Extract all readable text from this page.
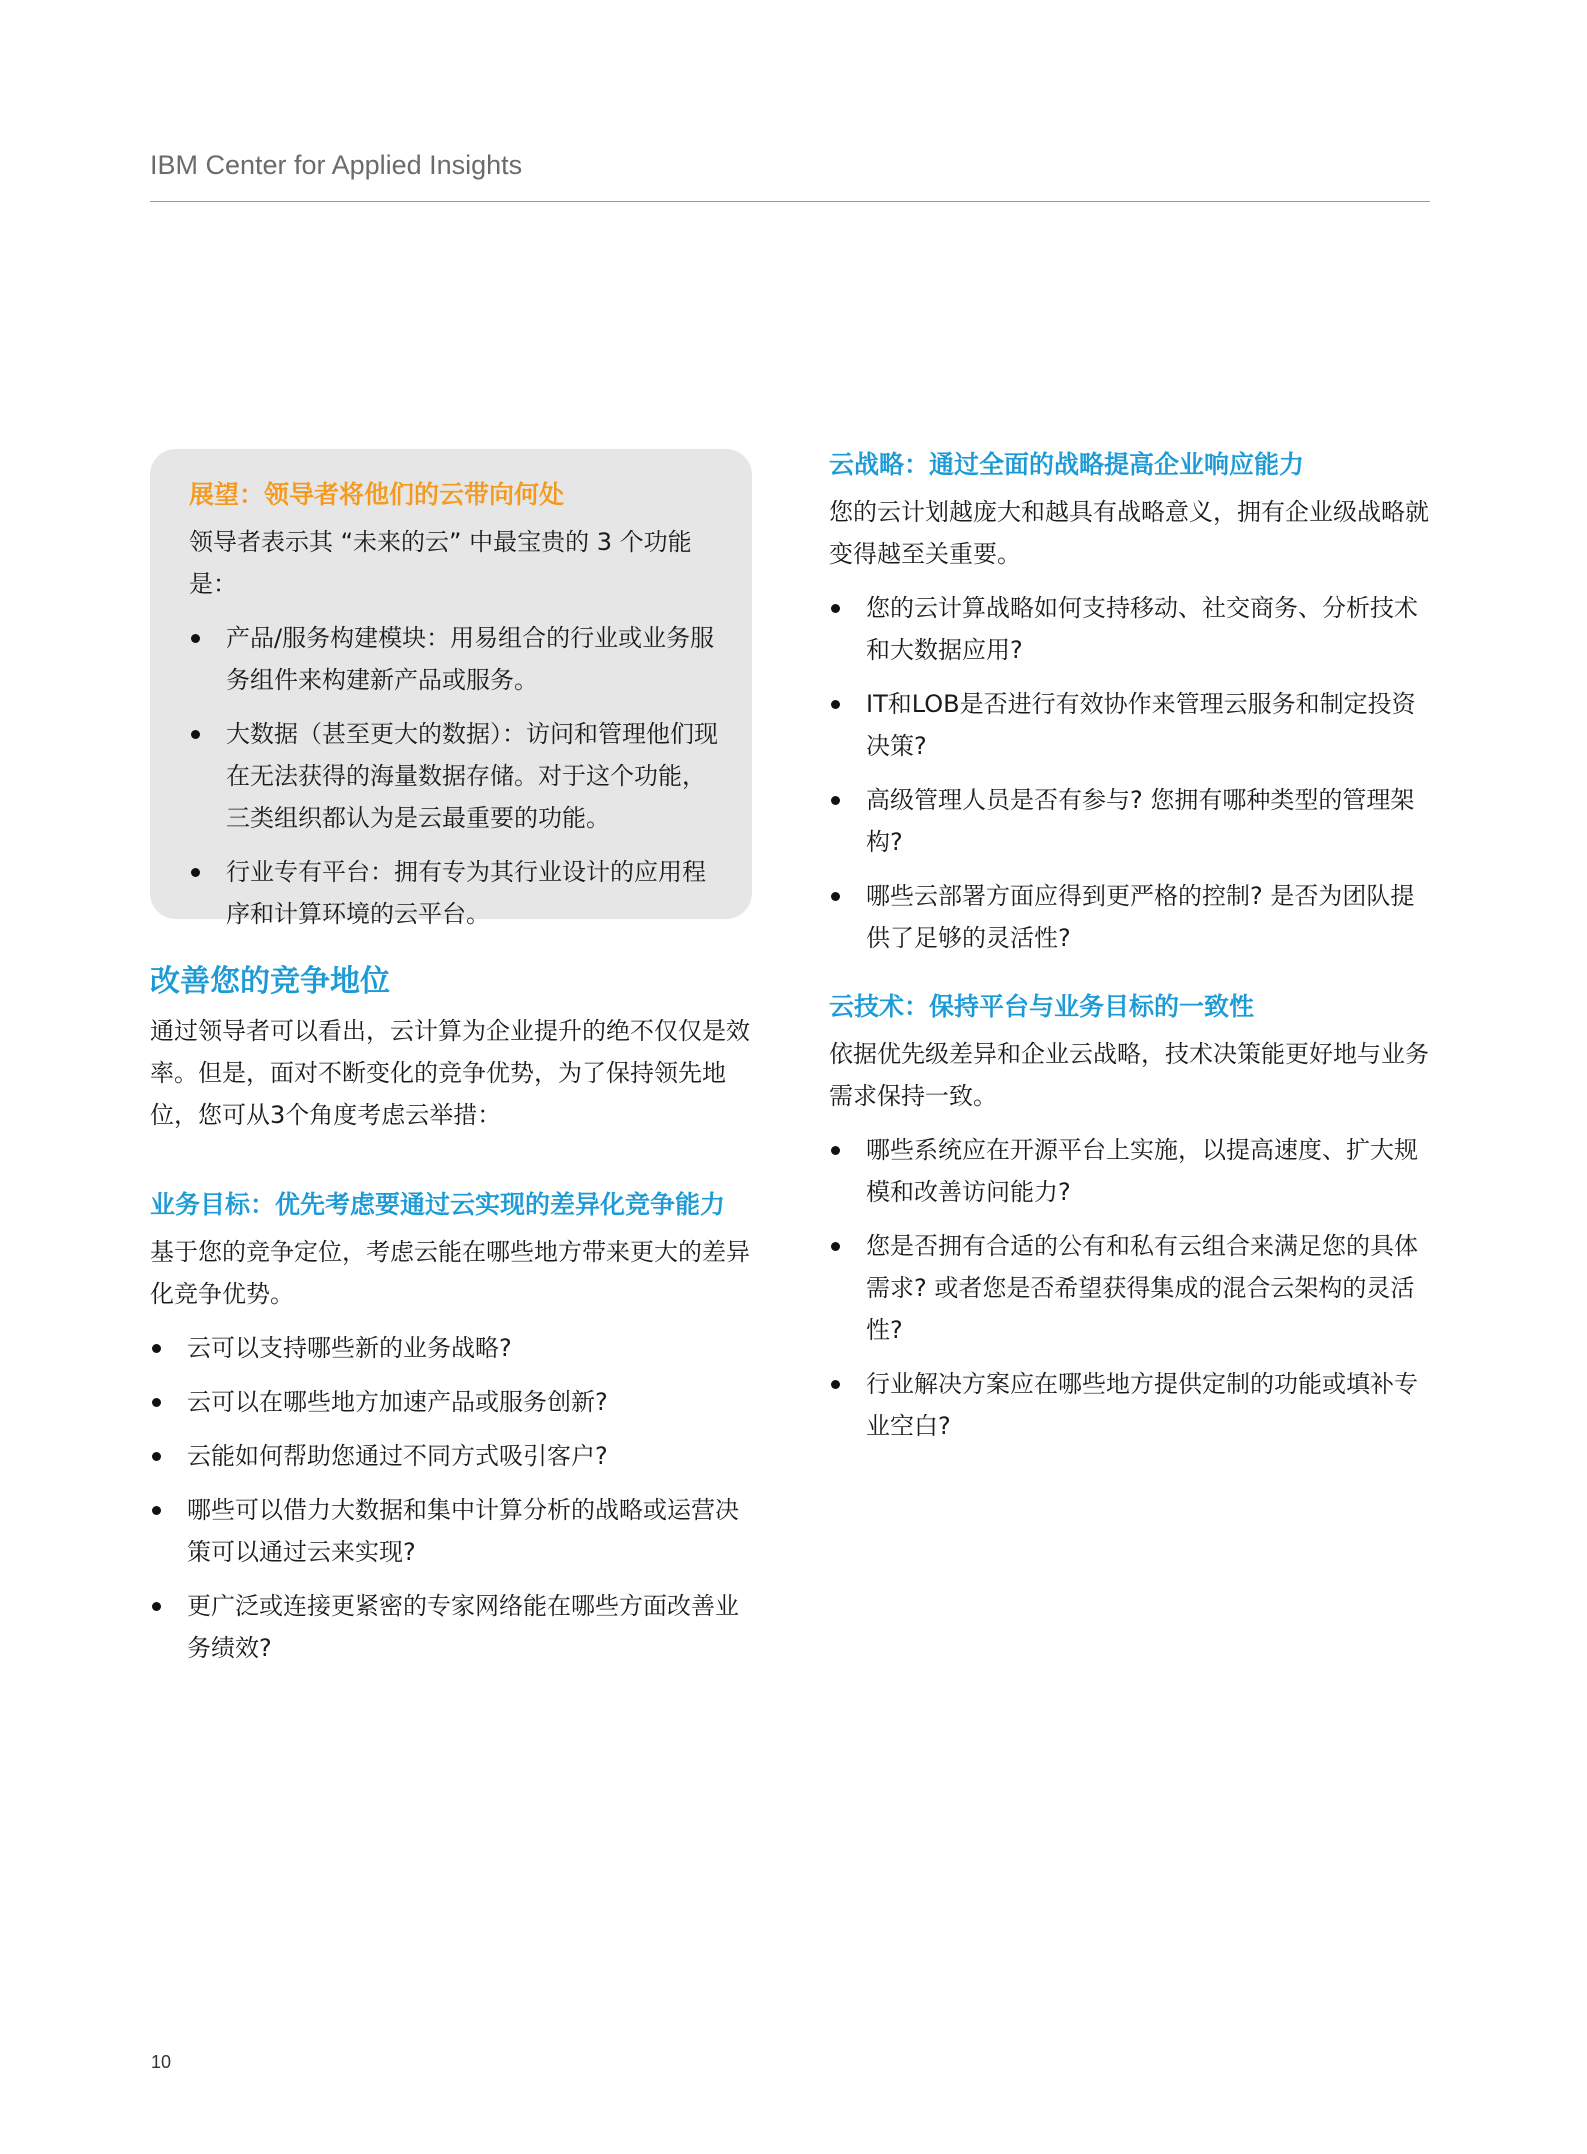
IBM Center for Applied Insights
展望：领导者将他们的云带向何处

领导者表示其 “未来的云” 中最宝贵的 3 个功能是：

产品/服务构建模块：用易组合的行业或业务服务组件来构建新产品或服务。
大数据（甚至更大的数据）：访问和管理他们现在无法获得的海量数据存储。对于这个功能，三类组织都认为是云最重要的功能。
行业专有平台：拥有专为其行业设计的应用程序和计算环境的云平台。
改善您的竞争地位

通过领导者可以看出，云计算为企业提升的绝不仅仅是效率。但是，面对不断变化的竞争优势，为了保持领先地位，您可从3个角度考虑云举措：

业务目标：优先考虑要通过云实现的差异化竞争能力

基于您的竞争定位，考虑云能在哪些地方带来更大的差异化竞争优势。

云可以支持哪些新的业务战略?
云可以在哪些地方加速产品或服务创新?
云能如何帮助您通过不同方式吸引客户?
哪些可以借力大数据和集中计算分析的战略或运营决策可以通过云来实现?
更广泛或连接更紧密的专家网络能在哪些方面改善业务绩效?
云战略：通过全面的战略提高企业响应能力

您的云计划越庞大和越具有战略意义，拥有企业级战略就变得越至关重要。

您的云计算战略如何支持移动、社交商务、分析技术和大数据应用?
IT和LOB是否进行有效协作来管理云服务和制定投资决策?
高级管理人员是否有参与? 您拥有哪种类型的管理架构?
哪些云部署方面应得到更严格的控制? 是否为团队提供了足够的灵活性?
云技术：保持平台与业务目标的一致性

依据优先级差异和企业云战略，技术决策能更好地与业务需求保持一致。

哪些系统应在开源平台上实施，以提高速度、扩大规模和改善访问能力?
您是否拥有合适的公有和私有云组合来满足您的具体需求? 或者您是否希望获得集成的混合云架构的灵活性?
行业解决方案应在哪些地方提供定制的功能或填补专业空白?
10
